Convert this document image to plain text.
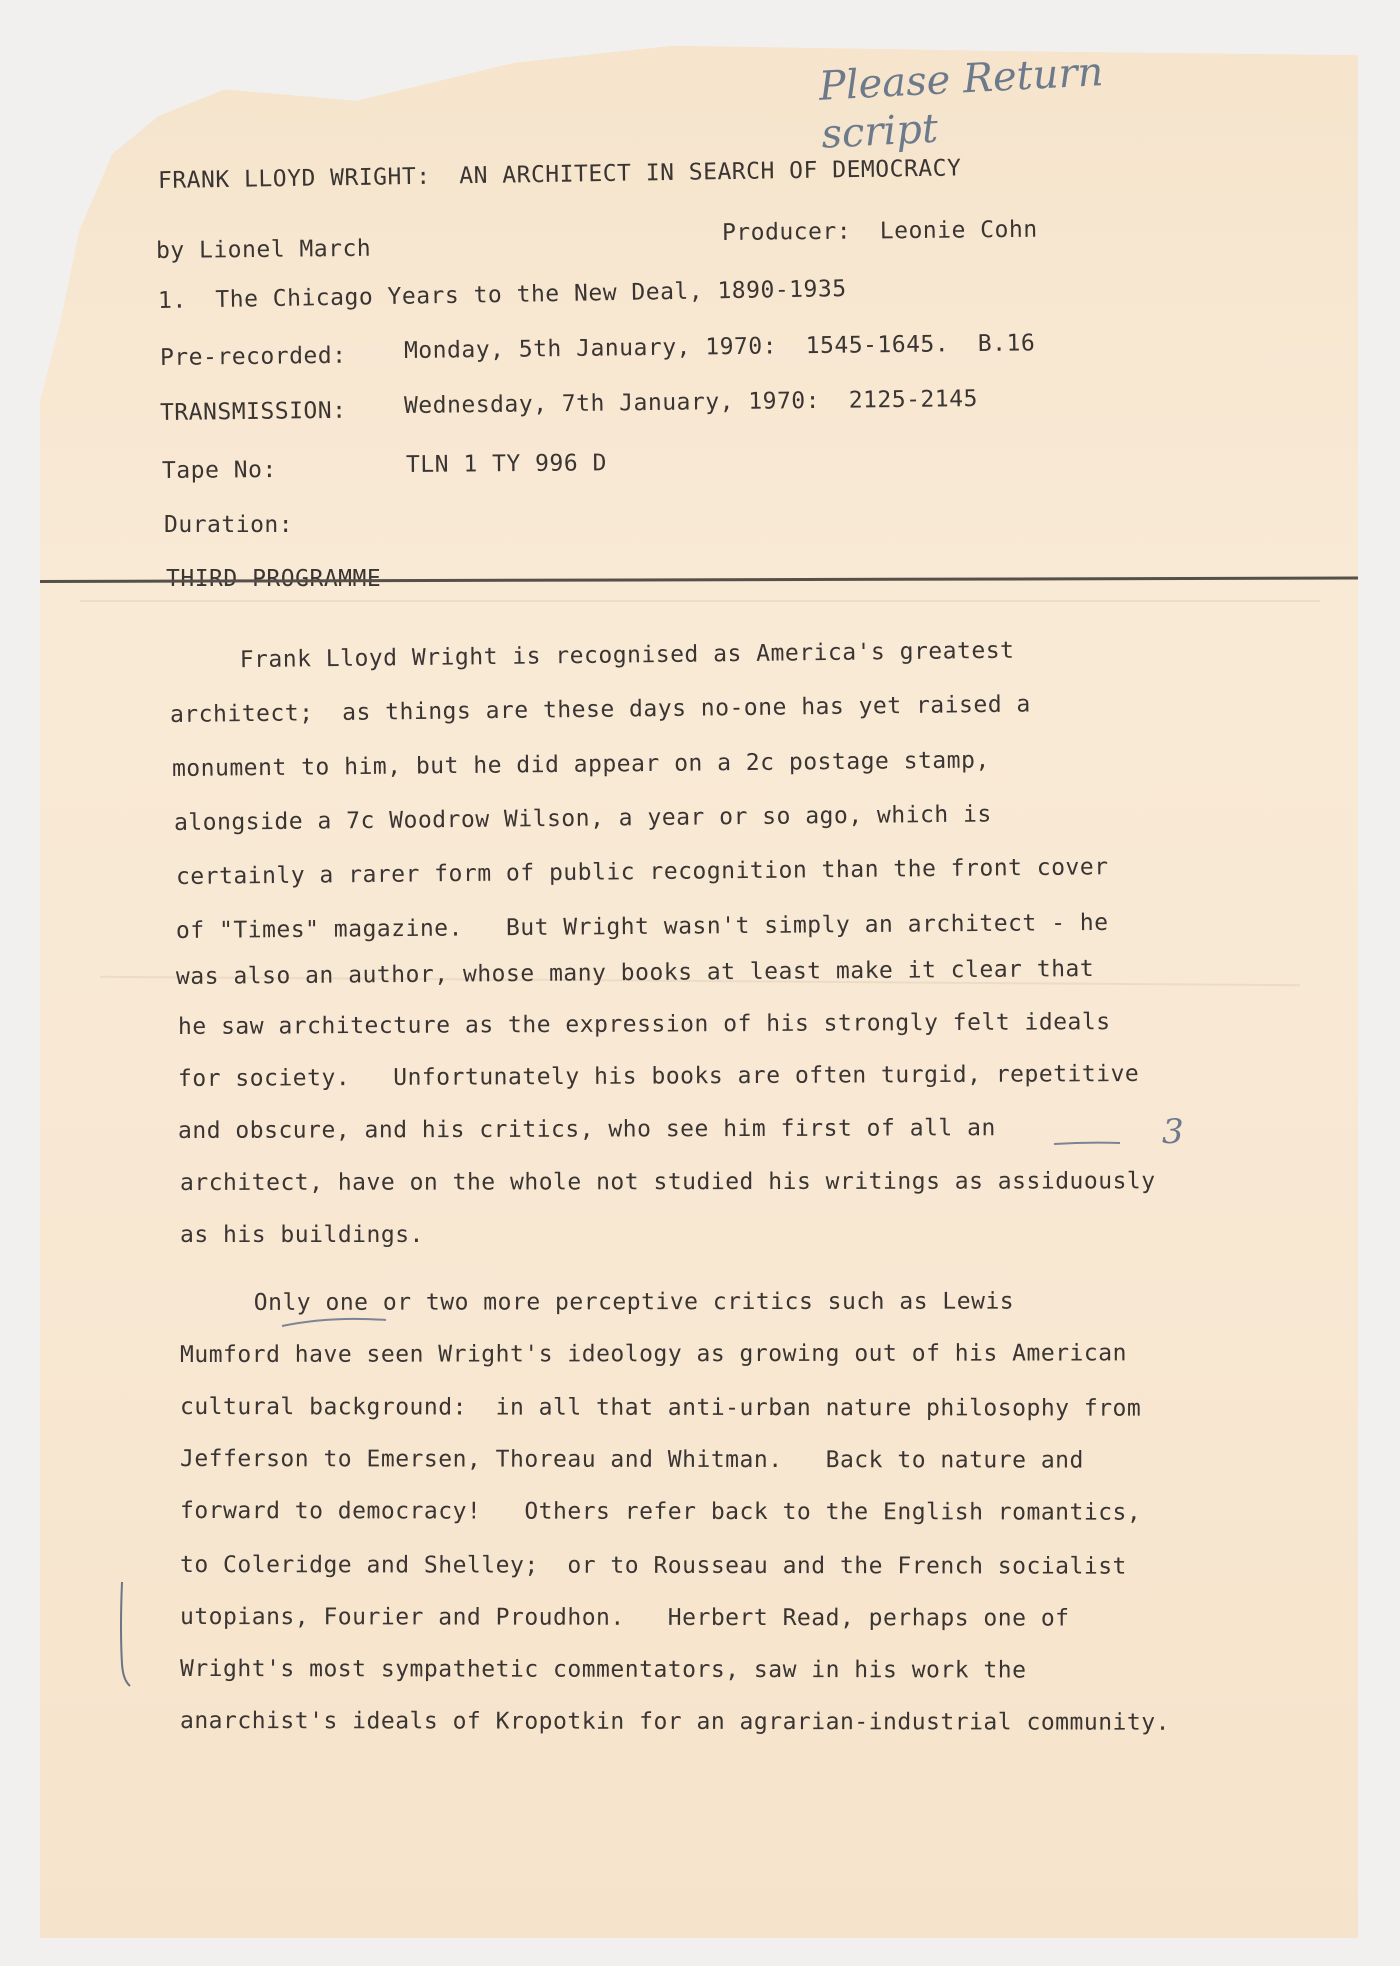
Please Return script
FRANK LLOYD WRIGHT:  AN ARCHITECT IN SEARCH OF DEMOCRACY
by Lionel March
Producer:  Leonie Cohn
1.  The Chicago Years to the New Deal, 1890-1935
Pre-recorded: Monday, 5th January, 1970:  1545-1645.  B.16
TRANSMISSION: Wednesday, 7th January, 1970:  2125-2145
Tape No:	TLN 1 TY 996 D
Duration:
Frank Lloyd Wright is recognised as America's greatest
architect;  as things are these days no-one has yet raised a
monument to him, but he did appear on a 2c postage stamp,
alongside a 7c Woodrow Wilson, a year or so ago, which is
certainly a rarer form of public recognition than the front cover
of "Times" magazine.   But Wright wasn't simply an architect - he
was also an author, whose many books at least make it clear that
he saw architecture as the expression of his strongly felt ideals
for society.   Unfortunately his books are often turgid, repetitive
and obscure, and his critics, who see him first of all an
architect, have on the whole not studied his writings as assiduously
as his buildings.
Only one or two more perceptive critics such as Lewis
Mumford have seen Wright's ideology as growing out of his American
cultural background:  in all that anti-urban nature philosophy from
Jefferson to Emersen, Thoreau and Whitman.   Back to nature and
forward to democracy!   Others refer back to the English romantics,
to Coleridge and Shelley;  or to Rousseau and the French socialist
utopians, Fourier and Proudhon.   Herbert Read, perhaps one of
Wright's most sympathetic commentators, saw in his work the
anarchist's ideals of Kropotkin for an agrarian-industrial community.
3
